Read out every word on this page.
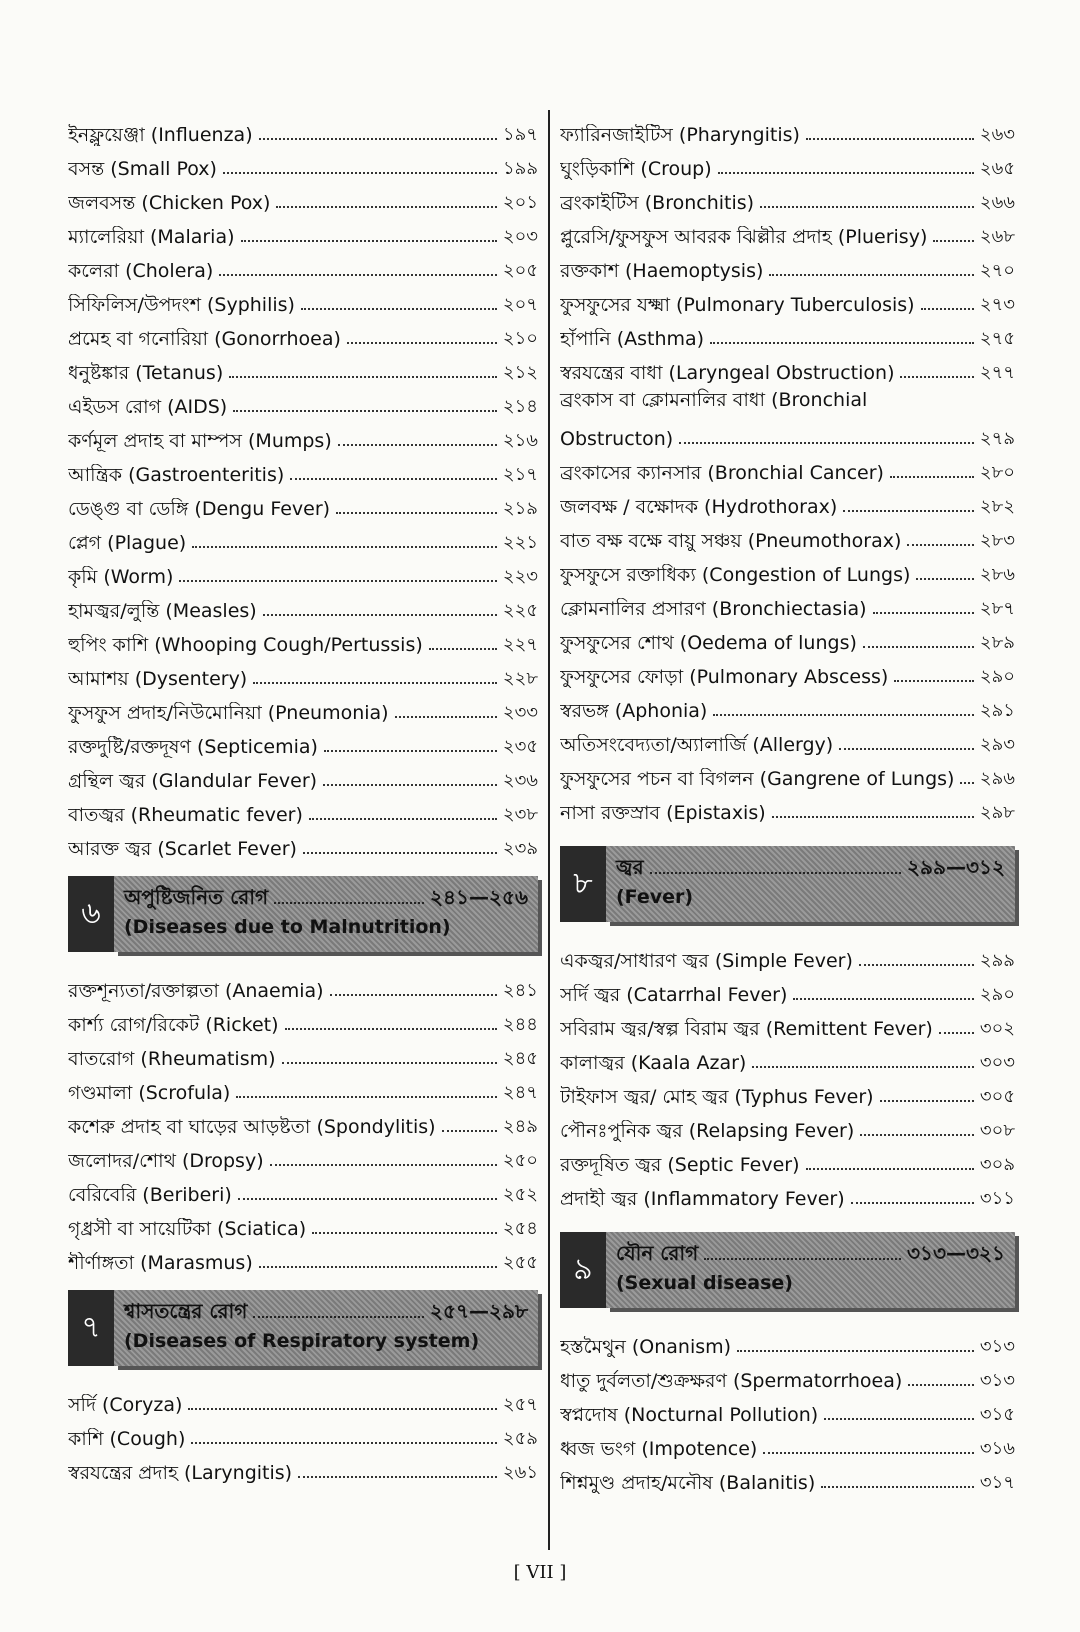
ইনফ্লুয়েঞ্জা (Influenza)	১৯৭
বসন্ত (Small Pox)	১৯৯
জলবসন্ত (Chicken Pox)	২০১
ম্যালেরিয়া (Malaria)	২০৩
কলেরা (Cholera)	২০৫
সিফিলিস/উপদংশ (Syphilis)	২০৭
প্রমেহ বা গনোরিয়া (Gonorrhoea)	২১০
ধনুষ্টঙ্কার (Tetanus)	২১২
এইডস রোগ (AIDS)	২১৪
কর্ণমূল প্রদাহ বা মাম্পস (Mumps)	২১৬
আন্ত্রিক (Gastroenteritis)	২১৭
ডেঙ্গু বা ডেঙ্গি (Dengu Fever)	২১৯
প্লেগ (Plague)	২২১
কৃমি (Worm)	২২৩
হামজ্বর/লুন্তি (Measles)	২২৫
হুপিং কাশি (Whooping Cough/Pertussis)	২২৭
আমাশয় (Dysentery)	২২৮
ফুসফুস প্রদাহ/নিউমোনিয়া (Pneumonia)	২৩৩
রক্তদুষ্টি/রক্তদূষণ (Septicemia)	২৩৫
গ্রন্থিল জ্বর (Glandular Fever)	২৩৬
বাতজ্বর (Rheumatic fever)	২৩৮
আরক্ত জ্বর (Scarlet Fever)	২৩৯
৬	অপুষ্টিজনিত রোগ	২৪১—২৫৬
(Diseases due to Malnutrition)
রক্তশূন্যতা/রক্তাল্পতা (Anaemia)	২৪১
কার্শ্য রোগ/রিকেট (Ricket)	২৪৪
বাতরোগ (Rheumatism)	২৪৫
গণ্ডমালা (Scrofula)	২৪৭
কশেরু প্রদাহ বা ঘাড়ের আড়ষ্টতা (Spondylitis)	২৪৯
জলোদর/শোথ (Dropsy)	২৫০
বেরিবেরি (Beriberi)	২৫২
গৃধ্রসী বা সায়েটিকা (Sciatica)	২৫৪
শীর্ণাঙ্গতা (Marasmus)	২৫৫
৭	শ্বাসতন্ত্রের রোগ	২৫৭—২৯৮
(Diseases of Respiratory system)
সর্দি (Coryza)	২৫৭
কাশি (Cough)	২৫৯
স্বরযন্ত্রের প্রদাহ (Laryngitis)	২৬১
ফ্যারিনজাইটিস (Pharyngitis)	২৬৩
ঘুংড়িকাশি (Croup)	২৬৫
ব্রংকাইটিস (Bronchitis)	২৬৬
প্লুরেসি/ফুসফুস আবরক ঝিল্লীর প্রদাহ (Pluerisy)	২৬৮
রক্তকাশ (Haemoptysis)	২৭০
ফুসফুসের যক্ষ্মা (Pulmonary Tuberculosis)	২৭৩
হাঁপানি (Asthma)	২৭৫
স্বরযন্ত্রের বাধা (Laryngeal Obstruction)	২৭৭
ব্রংকাস বা ক্লোমনালির বাধা (Bronchial
Obstructon)	২৭৯
ব্রংকাসের ক্যানসার (Bronchial Cancer)	২৮০
জলবক্ষ / বক্ষোদক (Hydrothorax)	২৮২
বাত বক্ষ বক্ষে বায়ু সঞ্চয় (Pneumothorax)	২৮৩
ফুসফুসে রক্তাধিক্য (Congestion of Lungs)	২৮৬
ক্লোমনালির প্রসারণ (Bronchiectasia)	২৮৭
ফুসফুসের শোথ (Oedema of lungs)	২৮৯
ফুসফুসের ফোড়া (Pulmonary Abscess)	২৯০
স্বরভঙ্গ (Aphonia)	২৯১
অতিসংবেদ্যতা/অ্যালার্জি (Allergy)	২৯৩
ফুসফুসের পচন বা বিগলন (Gangrene of Lungs) ২৯৬
নাসা রক্তস্রাব (Epistaxis)	২৯৮
৮	জ্বর	২৯৯—৩১২
(Fever)
একজ্বর/সাধারণ জ্বর (Simple Fever)	২৯৯
সর্দি জ্বর (Catarrhal Fever)	২৯০
সবিরাম জ্বর/স্বল্প বিরাম জ্বর (Remittent Fever)	৩০২
কালাজ্বর (Kaala Azar)	৩০৩
টাইফাস জ্বর/ মোহ জ্বর (Typhus Fever)	৩০৫
পৌনঃপুনিক জ্বর (Relapsing Fever)	৩০৮
রক্তদূষিত জ্বর (Septic Fever)	৩০৯
প্রদাহী জ্বর (Inflammatory Fever)	৩১১
৯	যৌন রোগ	৩১৩—৩২১
(Sexual disease)
হস্তমৈথুন (Onanism)	৩১৩
ধাতু দুর্বলতা/শুক্রক্ষরণ (Spermatorrhoea)	৩১৩
স্বপ্নদোষ (Nocturnal Pollution)	৩১৫
ধ্বজ ভংগ (Impotence)	৩১৬
শিশ্নমুণ্ড প্রদাহ/মনৌষ (Balanitis)	৩১৭
[ VII ]
